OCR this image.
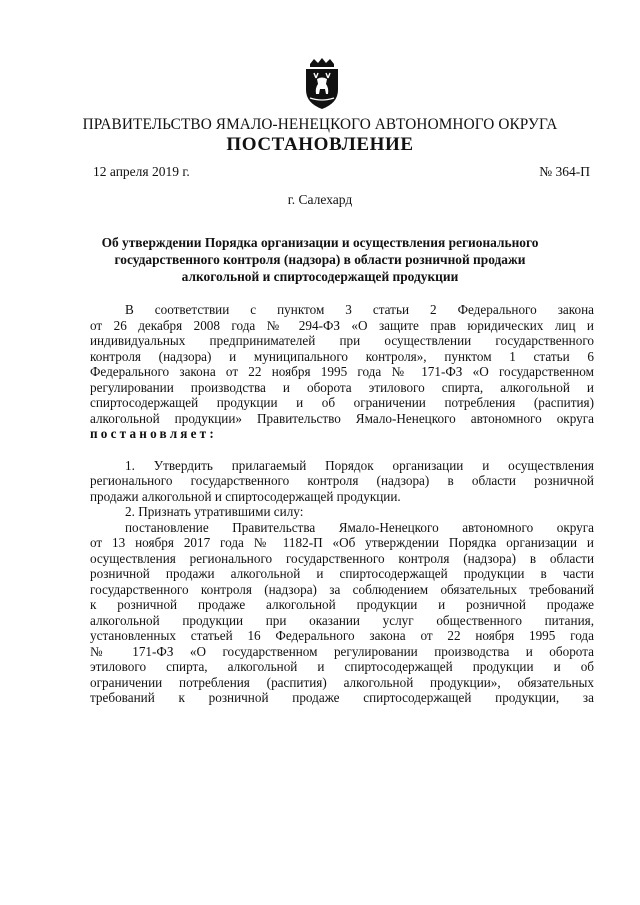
ПРАВИТЕЛЬСТВО ЯМАЛО-НЕНЕЦКОГО АВТОНОМНОГО ОКРУГА
ПОСТАНОВЛЕНИЕ
12 апреля 2019 г.	№ 364-П
г. Салехард
Об утверждении Порядка организации и осуществления регионального
государственного контроля (надзора) в области розничной продажи
алкогольной и спиртосодержащей продукции
В соответствии с пунктом 3 статьи 2 Федерального закона
от 26 декабря 2008 года № 294-ФЗ «О защите прав юридических лиц и
индивидуальных предпринимателей при осуществлении государственного
контроля (надзора) и муниципального контроля», пунктом 1 статьи 6
Федерального закона от 22 ноября 1995 года № 171-ФЗ «О государственном
регулировании производства и оборота этилового спирта, алкогольной и
спиртосодержащей продукции и об ограничении потребления (распития)
алкогольной продукции» Правительство Ямало-Ненецкого автономного округа
постановляет:
1. Утвердить прилагаемый Порядок организации и осуществления
регионального государственного контроля (надзора) в области розничной
продажи алкогольной и спиртосодержащей продукции.
2. Признать утратившими силу:
постановление Правительства Ямало-Ненецкого автономного округа
от 13 ноября 2017 года № 1182-П «Об утверждении Порядка организации и
осуществления регионального государственного контроля (надзора) в области
розничной продажи алкогольной и спиртосодержащей продукции в части
государственного контроля (надзора) за соблюдением обязательных требований
к розничной продаже алкогольной продукции и розничной продаже
алкогольной продукции при оказании услуг общественного питания,
установленных статьей 16 Федерального закона от 22 ноября 1995 года
№ 171-ФЗ «О государственном регулировании производства и оборота
этилового спирта, алкогольной и спиртосодержащей продукции и об
ограничении потребления (распития) алкогольной продукции», обязательных
требований к розничной продаже спиртосодержащей продукции, за
